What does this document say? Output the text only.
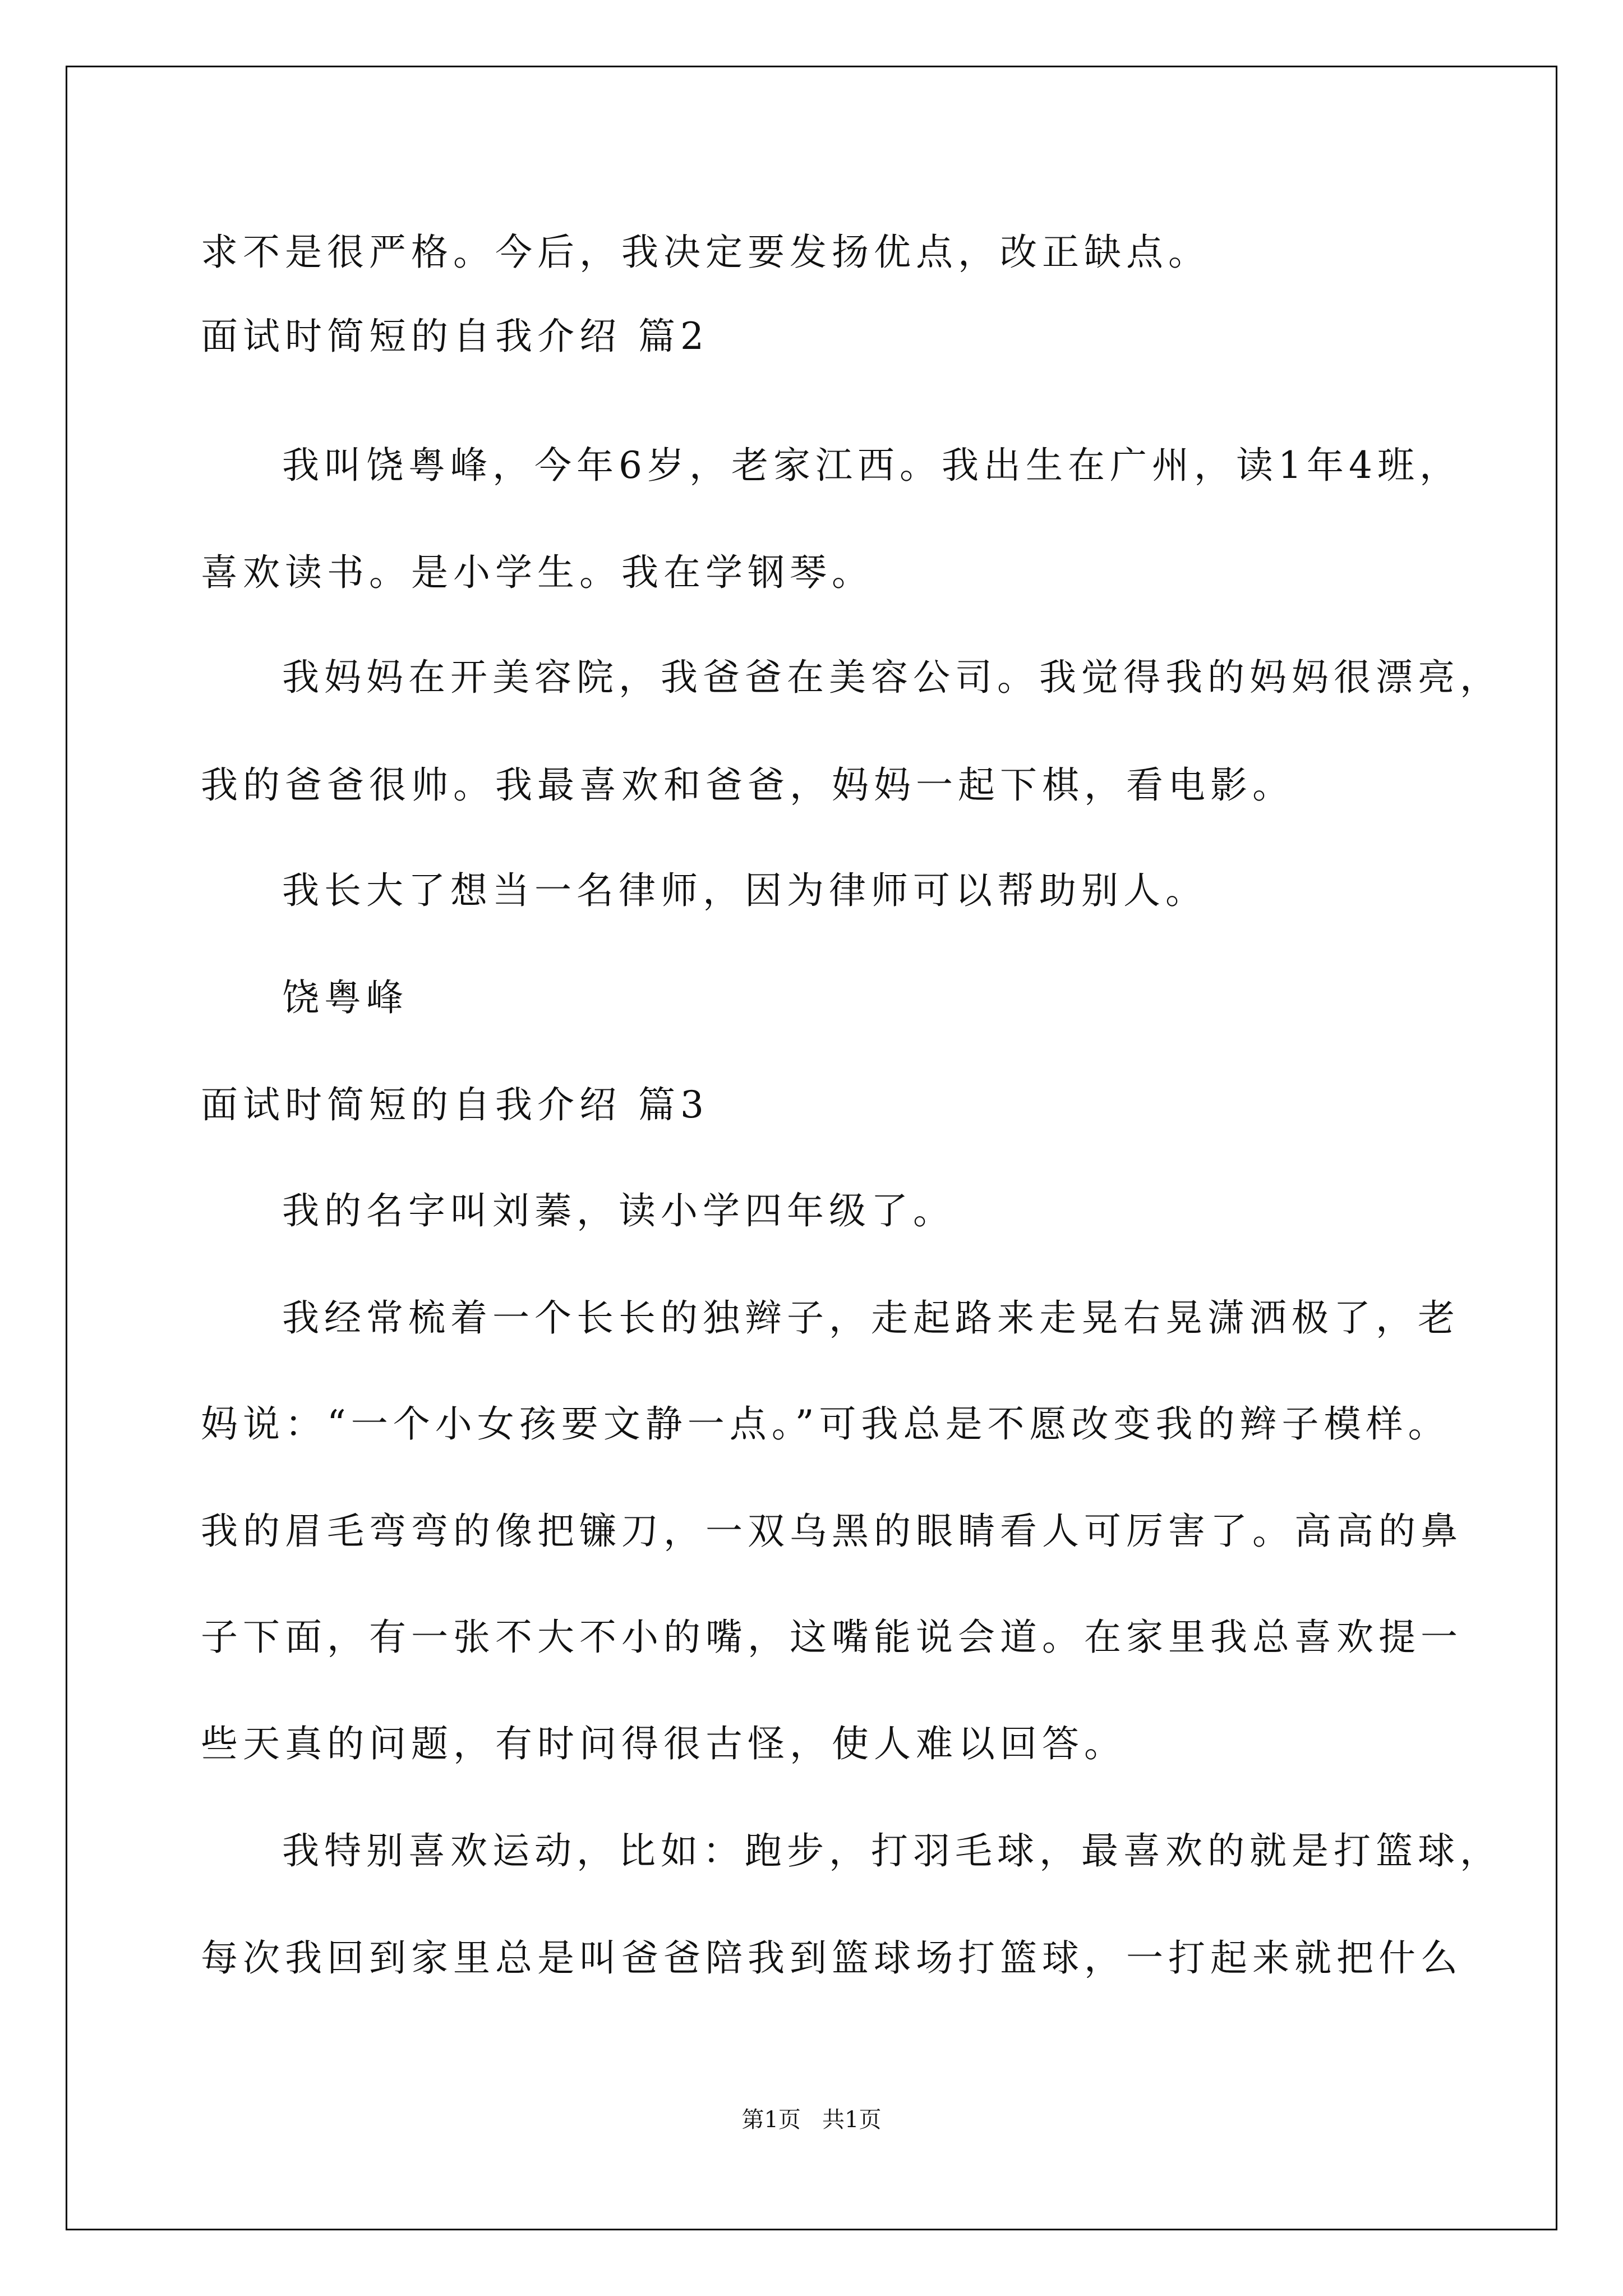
求不是很严格。今后，我决定要发扬优点，改正缺点。

面试时简短的自我介绍 篇2

我叫饶粤峰，今年6岁，老家江西。我出生在广州，读1年4班，

喜欢读书。是小学生。我在学钢琴。

我妈妈在开美容院，我爸爸在美容公司。我觉得我的妈妈很漂亮，

我的爸爸很帅。我最喜欢和爸爸，妈妈一起下棋，看电影。

我长大了想当一名律师，因为律师可以帮助别人。

饶粤峰

面试时简短的自我介绍 篇3

我的名字叫刘蓁，读小学四年级了。

我经常梳着一个长长的独辫子，走起路来走晃右晃潇洒极了，老

妈说：“一个小女孩要文静一点。”可我总是不愿改变我的辫子模样。

我的眉毛弯弯的像把镰刀，一双乌黑的眼睛看人可厉害了。高高的鼻

子下面，有一张不大不小的嘴，这嘴能说会道。在家里我总喜欢提一

些天真的问题，有时问得很古怪，使人难以回答。

我特别喜欢运动，比如：跑步，打羽毛球，最喜欢的就是打篮球，

每次我回到家里总是叫爸爸陪我到篮球场打篮球，一打起来就把什么

第1页   共1页
